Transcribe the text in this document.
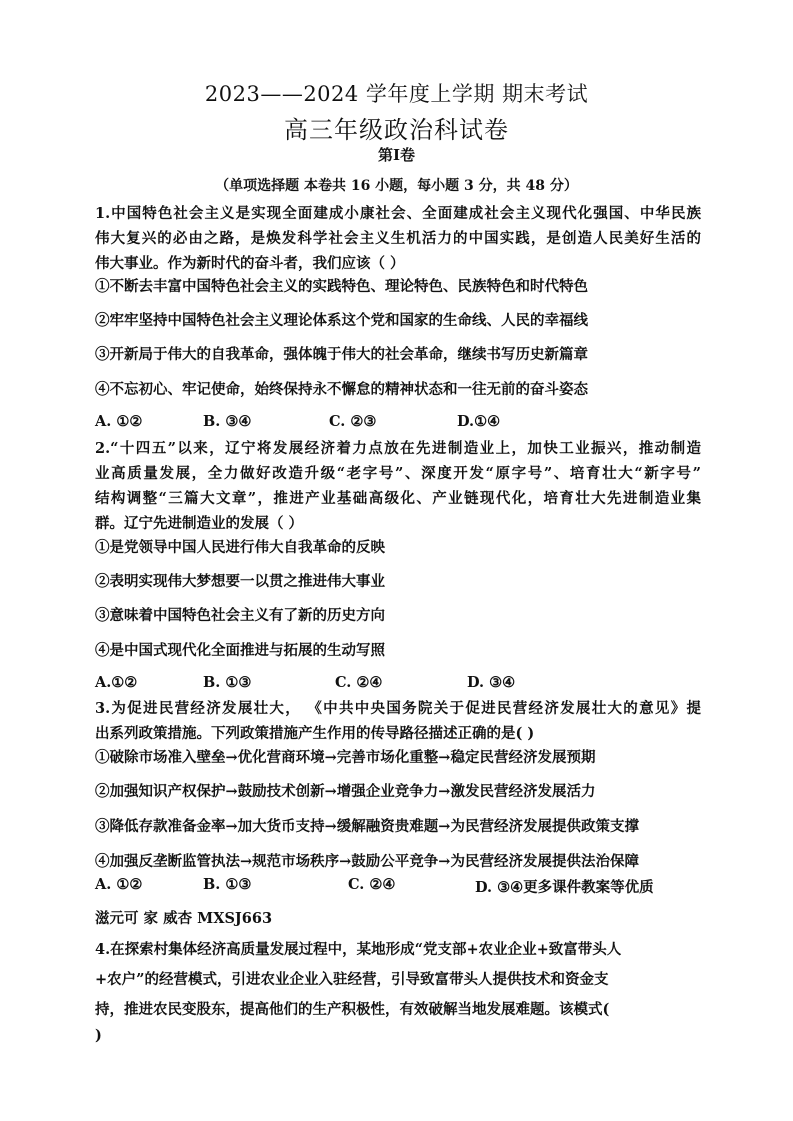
2023——2024 学年度上学期 期末考试
高三年级政治科试卷
第Ⅰ卷
（单项选择题 本卷共 16 小题，每小题 3 分，共 48 分）

1.中国特色社会主义是实现全面建成小康社会、全面建成社会主义现代化强国、中华民族

伟大复兴的必由之路，是焕发科学社会主义生机活力的中国实践，是创造人民美好生活的

伟大事业。作为新时代的奋斗者，我们应该（ ）

①不断去丰富中国特色社会主义的实践特色、理论特色、民族特色和时代特色
②牢牢坚持中国特色社会主义理论体系这个党和国家的生命线、人民的幸福线
③开新局于伟大的自我革命，强体魄于伟大的社会革命，继续书写历史新篇章
④不忘初心、牢记使命，始终保持永不懈怠的精神状态和一往无前的奋斗姿态
A. ①②	B. ③④	C. ②③	D.①④

2.“十四五”以来，辽宁将发展经济着力点放在先进制造业上，加快工业振兴，推动制造

业高质量发展，全力做好改造升级“老字号”、深度开发“原字号”、培育壮大“新字号”

结构调整“三篇大文章”，推进产业基础高级化、产业链现代化，培育壮大先进制造业集

群。辽宁先进制造业的发展（ ）

①是党领导中国人民进行伟大自我革命的反映
②表明实现伟大梦想要一以贯之推进伟大事业
③意味着中国特色社会主义有了新的历史方向
④是中国式现代化全面推进与拓展的生动写照
A.①②	B. ①③	C. ②④	D. ③④

3.为促进民营经济发展壮大， 《中共中央国务院关于促进民营经济发展壮大的意见》提

出系列政策措施。下列政策措施产生作用的传导路径描述正确的是( )

①破除市场准入壁垒→优化营商环境→完善市场化重整→稳定民营经济发展预期
②加强知识产权保护→鼓励技术创新→增强企业竞争力→激发民营经济发展活力
③降低存款准备金率→加大货币支持→缓解融资贵难题→为民营经济发展提供政策支撑
④加强反垄断监管执法→规范市场秩序→鼓励公平竞争→为民营经济发展提供法治保障
A. ①②	B. ①③	C. ②④	D. ③④更多课件教案等优质
滋元可 家 威杏 MXSJ663
4.在探索村集体经济高质量发展过程中，某地形成“党支部+农业企业+致富带头人
+农户”的经营模式，引进农业企业入驻经营，引导致富带头人提供技术和资金支
持，推进农民变股东，提高他们的生产积极性，有效破解当地发展难题。该模式(
)
